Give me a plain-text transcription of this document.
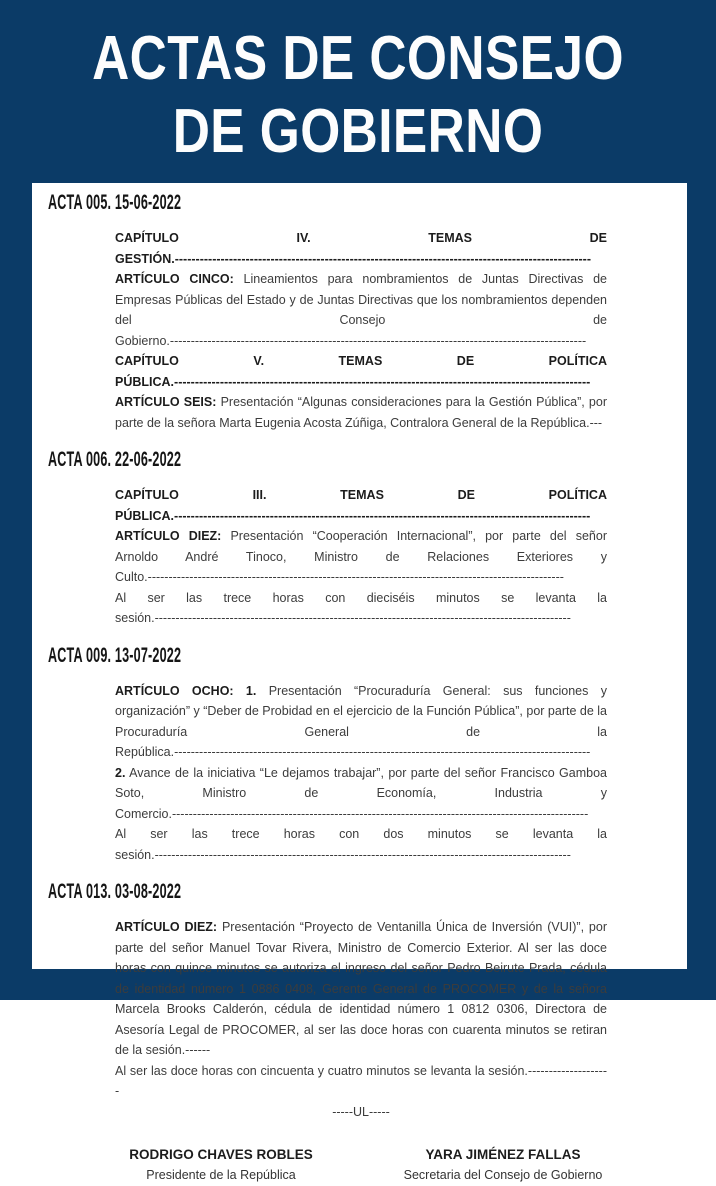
ACTAS DE CONSEJO
DE GOBIERNO
ACTA 005. 15-06-2022

CAPÍTULO IV. TEMAS DE GESTIÓN.----------------------------------------------------------------------------------------------------

ARTÍCULO CINCO: Lineamientos para nombramientos de Juntas Directivas de Empresas Públicas del Estado y de Juntas Directivas que los nombramientos dependen del Consejo de Gobierno.----------------------------------------------------------------------------------------------------

CAPÍTULO V. TEMAS DE POLÍTICA PÚBLICA.----------------------------------------------------------------------------------------------------

ARTÍCULO SEIS: Presentación “Algunas consideraciones para la Gestión Pública”, por parte de la señora Marta Eugenia Acosta Zúñiga, Contralora General de la República.---

ACTA 006. 22-06-2022

CAPÍTULO III. TEMAS DE POLÍTICA PÚBLICA.----------------------------------------------------------------------------------------------------

ARTÍCULO DIEZ: Presentación “Cooperación Internacional”, por parte del señor Arnoldo André Tinoco, Ministro de Relaciones Exteriores y Culto.----------------------------------------------------------------------------------------------------

Al ser las trece horas con dieciséis minutos se levanta la sesión.----------------------------------------------------------------------------------------------------

ACTA 009. 13-07-2022

ARTÍCULO OCHO: 1. Presentación “Procuraduría General: sus funciones y organización” y “Deber de Probidad en el ejercicio de la Función Pública”, por parte de la Procuraduría General de la República.----------------------------------------------------------------------------------------------------

2. Avance de la iniciativa “Le dejamos trabajar”, por parte del señor Francisco Gamboa Soto, Ministro de Economía, Industria y Comercio.----------------------------------------------------------------------------------------------------

Al ser las trece horas con dos minutos se levanta la sesión.----------------------------------------------------------------------------------------------------

ACTA 013. 03-08-2022

ARTÍCULO DIEZ: Presentación “Proyecto de Ventanilla Única de Inversión (VUI)”, por parte del señor Manuel Tovar Rivera, Ministro de Comercio Exterior. Al ser las doce horas con quince minutos se autoriza el ingreso del señor Pedro Beirute Prada, cédula de identidad número 1 0886 0408, Gerente General de PROCOMER y de la señora Marcela Brooks Calderón, cédula de identidad número 1 0812 0306, Directora de Asesoría Legal de PROCOMER, al ser las doce horas con cuarenta minutos se retiran de la sesión.------

Al ser las doce horas con cincuenta y cuatro minutos se levanta la sesión.--------------------

-----UL-----

RODRIGO CHAVES ROBLES
Presidente de la República
YARA JIMÉNEZ FALLAS
Secretaria del Consejo de Gobierno
